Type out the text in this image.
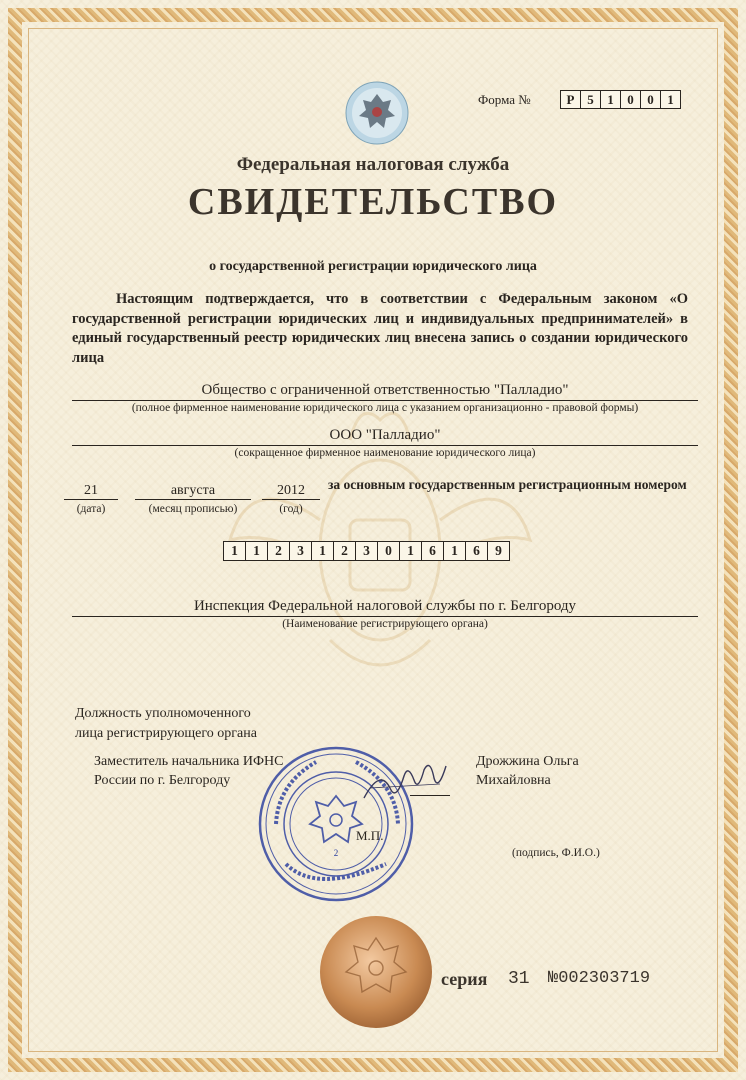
Форма №	Р 5	1	0	0	1
Федеральная налоговая служба
СВИДЕТЕЛЬСТВО
о государственной регистрации юридического лица
Настоящим подтверждается, что в соответствии с Федеральным законом «О государственной регистрации юридических лиц и индивидуальных предпринимателей» в единый государственный реестр юридических лиц внесена запись о создании юридического лица
Общество с ограниченной ответственностью "Палладио"
(полное фирменное наименование юридического лица с указанием организационно - правовой формы)
ООО "Палладио"
(сокращенное фирменное наименование юридического лица)
21
(дата)
августа
(месяц прописью)
2012
(год)
за основным государственным регистрационным номером
1	1	2	3	1	2	3	0	1	6	1	6	9
Инспекция Федеральной налоговой службы по г. Белгороду
(Наименование регистрирующего органа)
Должность уполномоченного
лица регистрирующего органа
Заместитель начальника ИФНС
России по г. Белгороду
Дрожжина Ольга
Михайловна
2
М.П.
(подпись, Ф.И.О.)
серия 31 №002303719
